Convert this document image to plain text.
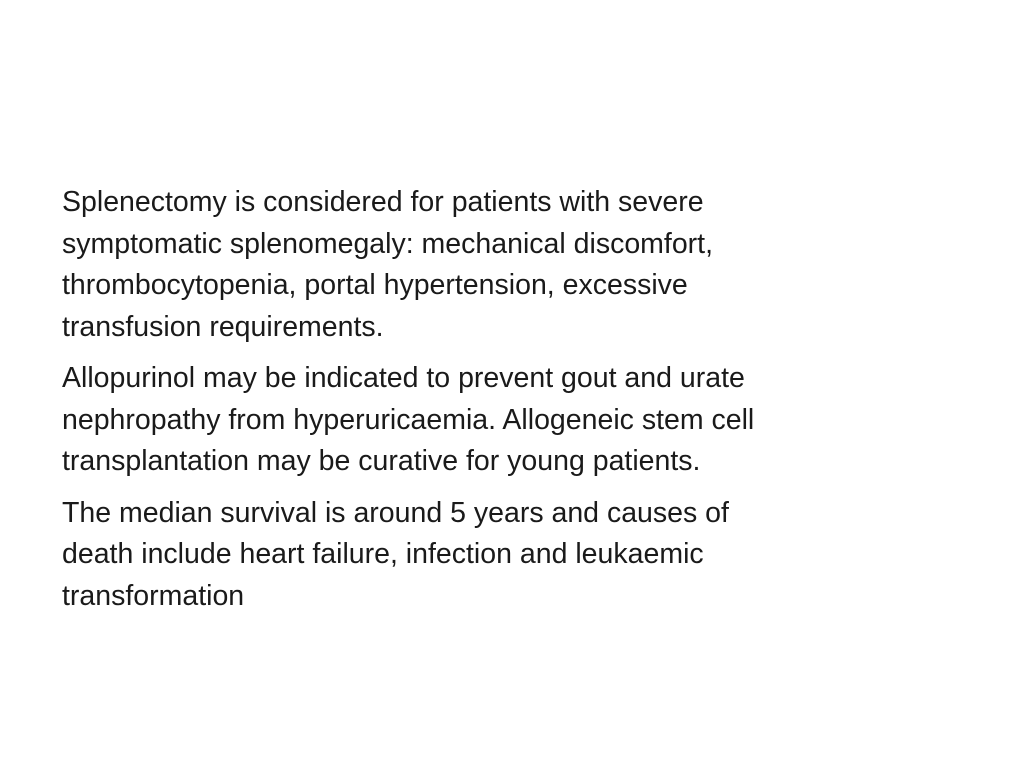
Splenectomy is considered for patients with severe
symptomatic splenomegaly: mechanical discomfort,
thrombocytopenia, portal hypertension, excessive
transfusion requirements.

Allopurinol may be indicated to prevent gout and urate
nephropathy from hyperuricaemia. Allogeneic stem cell
transplantation may be curative for young patients.

The median survival is around 5 years and causes of
death include heart failure, infection and leukaemic
transformation
